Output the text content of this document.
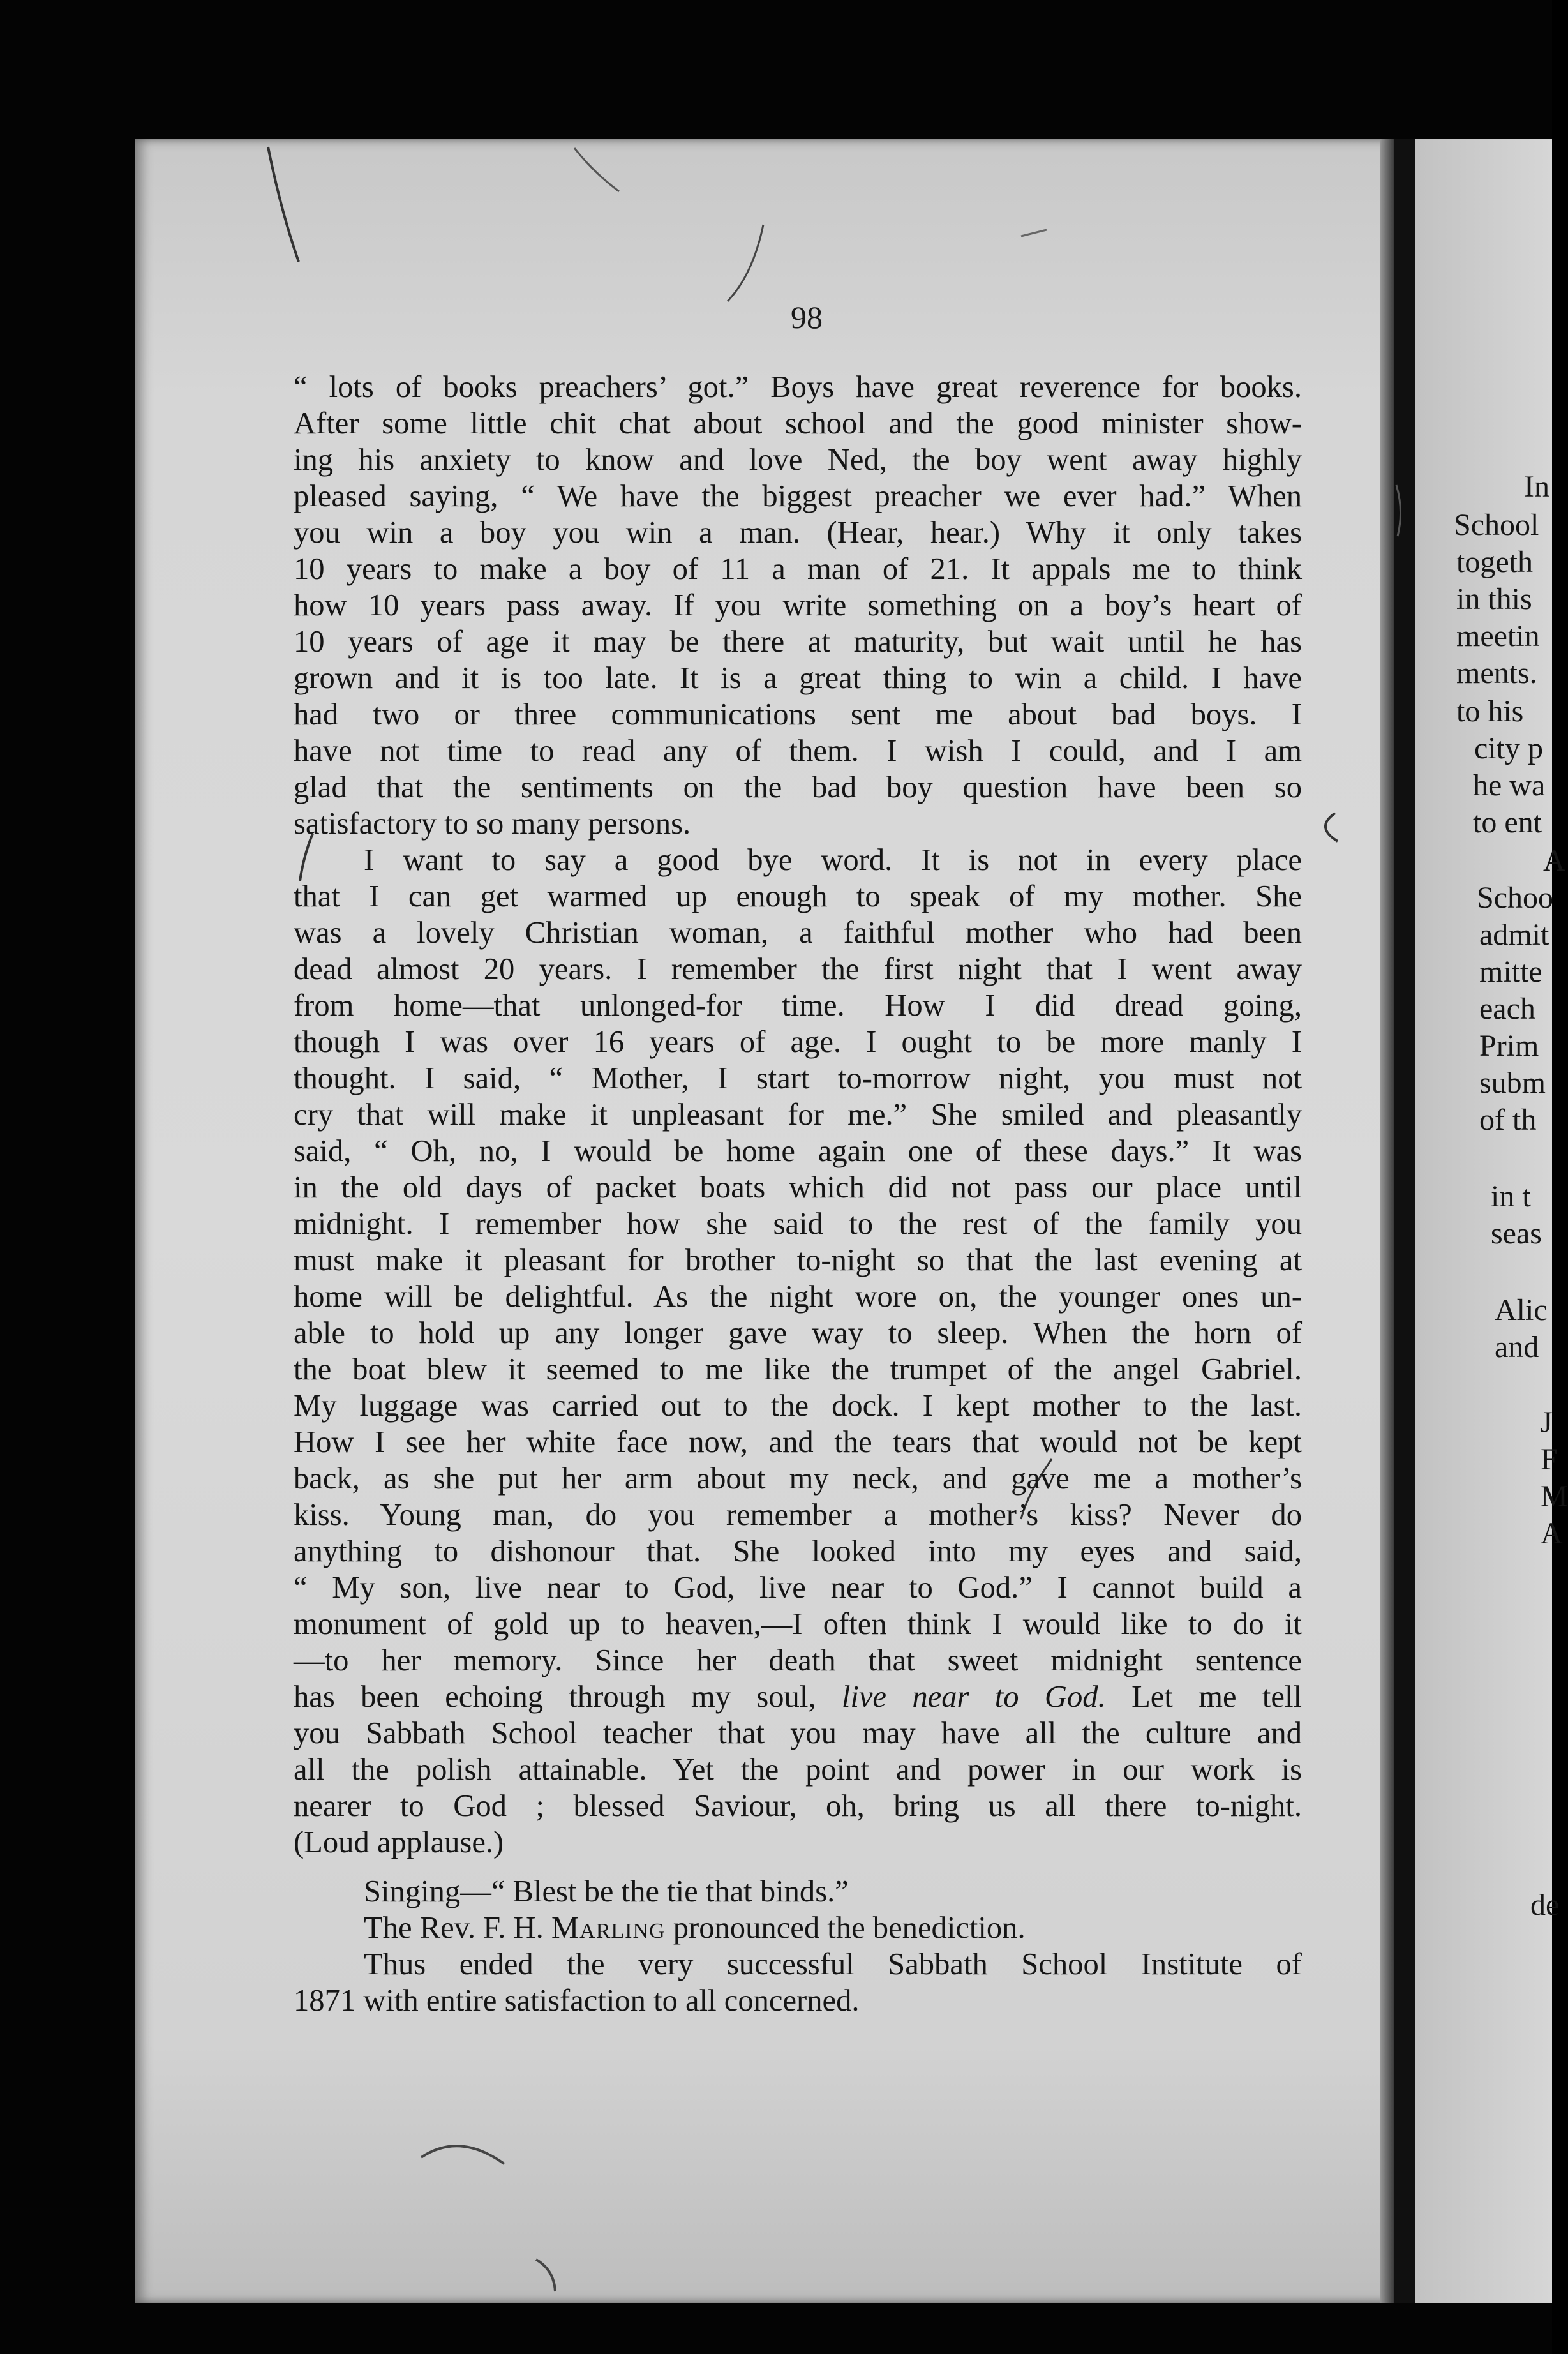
In
School
togeth
in this
meetin
ments.
to his
city p
he wa
to ent
A
Schoo
admit
mitte
each
Prim
subm
of th
in t
seas
Alic
and
J
F
M
A
de

98

“ lots of books preachers’ got.” Boys have great reverence for books.
After some little chit chat about school and the good minister show-
ing his anxiety to know and love Ned, the boy went away highly
pleased saying, “ We have the biggest preacher we ever had.” When
you win a boy you win a man. (Hear, hear.) Why it only takes
10 years to make a boy of 11 a man of 21. It appals me to think
how 10 years pass away. If you write something on a boy’s heart of
10 years of age it may be there at maturity, but wait until he has
grown and it is too late. It is a great thing to win a child. I have
had two or three communications sent me about bad boys. I
have not time to read any of them. I wish I could, and I am
glad that the sentiments on the bad boy question have been so
satisfactory to so many persons.
I want to say a good bye word. It is not in every place
that I can get warmed up enough to speak of my mother. She
was a lovely Christian woman, a faithful mother who had been
dead almost 20 years. I remember the first night that I went away
from home—that unlonged-for time. How I did dread going,
though I was over 16 years of age. I ought to be more manly I
thought. I said, “ Mother, I start to-morrow night, you must not
cry that will make it unpleasant for me.” She smiled and pleasantly
said, “ Oh, no, I would be home again one of these days.” It was
in the old days of packet boats which did not pass our place until
midnight. I remember how she said to the rest of the family you
must make it pleasant for brother to-night so that the last evening at
home will be delightful. As the night wore on, the younger ones un-
able to hold up any longer gave way to sleep. When the horn of
the boat blew it seemed to me like the trumpet of the angel Gabriel.
My luggage was carried out to the dock. I kept mother to the last.
How I see her white face now, and the tears that would not be kept
back, as she put her arm about my neck, and gave me a mother’s
kiss. Young man, do you remember a mother’s kiss? Never do
anything to dishonour that. She looked into my eyes and said,
“ My son, live near to God, live near to God.” I cannot build a
monument of gold up to heaven,—I often think I would like to do it
—to her memory. Since her death that sweet midnight sentence
has been echoing through my soul, live near to God. Let me tell
you Sabbath School teacher that you may have all the culture and
all the polish attainable. Yet the point and power in our work is
nearer to God ; blessed Saviour, oh, bring us all there to-night.
(Loud applause.)
Singing—“ Blest be the tie that binds.”
The Rev. F. H. Marling pronounced the benediction.
Thus ended the very successful Sabbath School Institute of
1871 with entire satisfaction to all concerned.
